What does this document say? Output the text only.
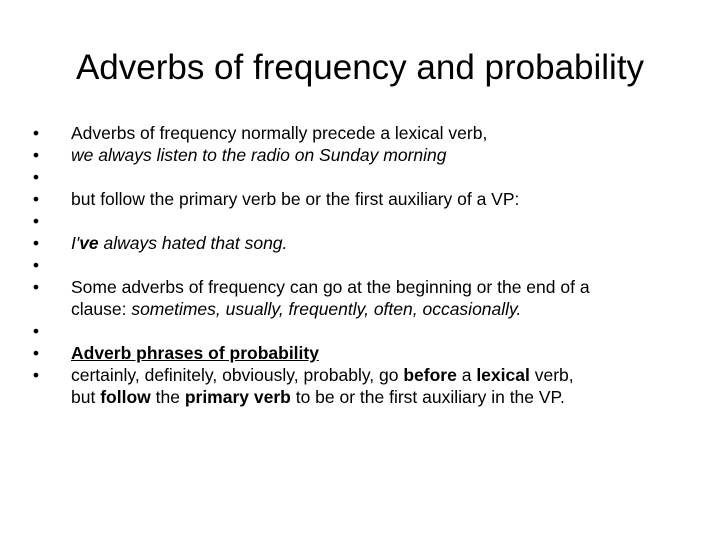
Adverbs of frequency and probability
• Adverbs of frequency normally precede a lexical verb,
• we always listen to the radio on Sunday morning
•
• but follow the primary verb be or the first auxiliary of a VP:
•
• I've always hated that song.
•
• Some adverbs of frequency can go at the beginning or the end of a
clause: sometimes, usually, frequently, often, occasionally.
•
• Adverb phrases of probability
• certainly, definitely, obviously, probably, go before a lexical verb,
but follow the primary verb to be or the first auxiliary in the VP.
